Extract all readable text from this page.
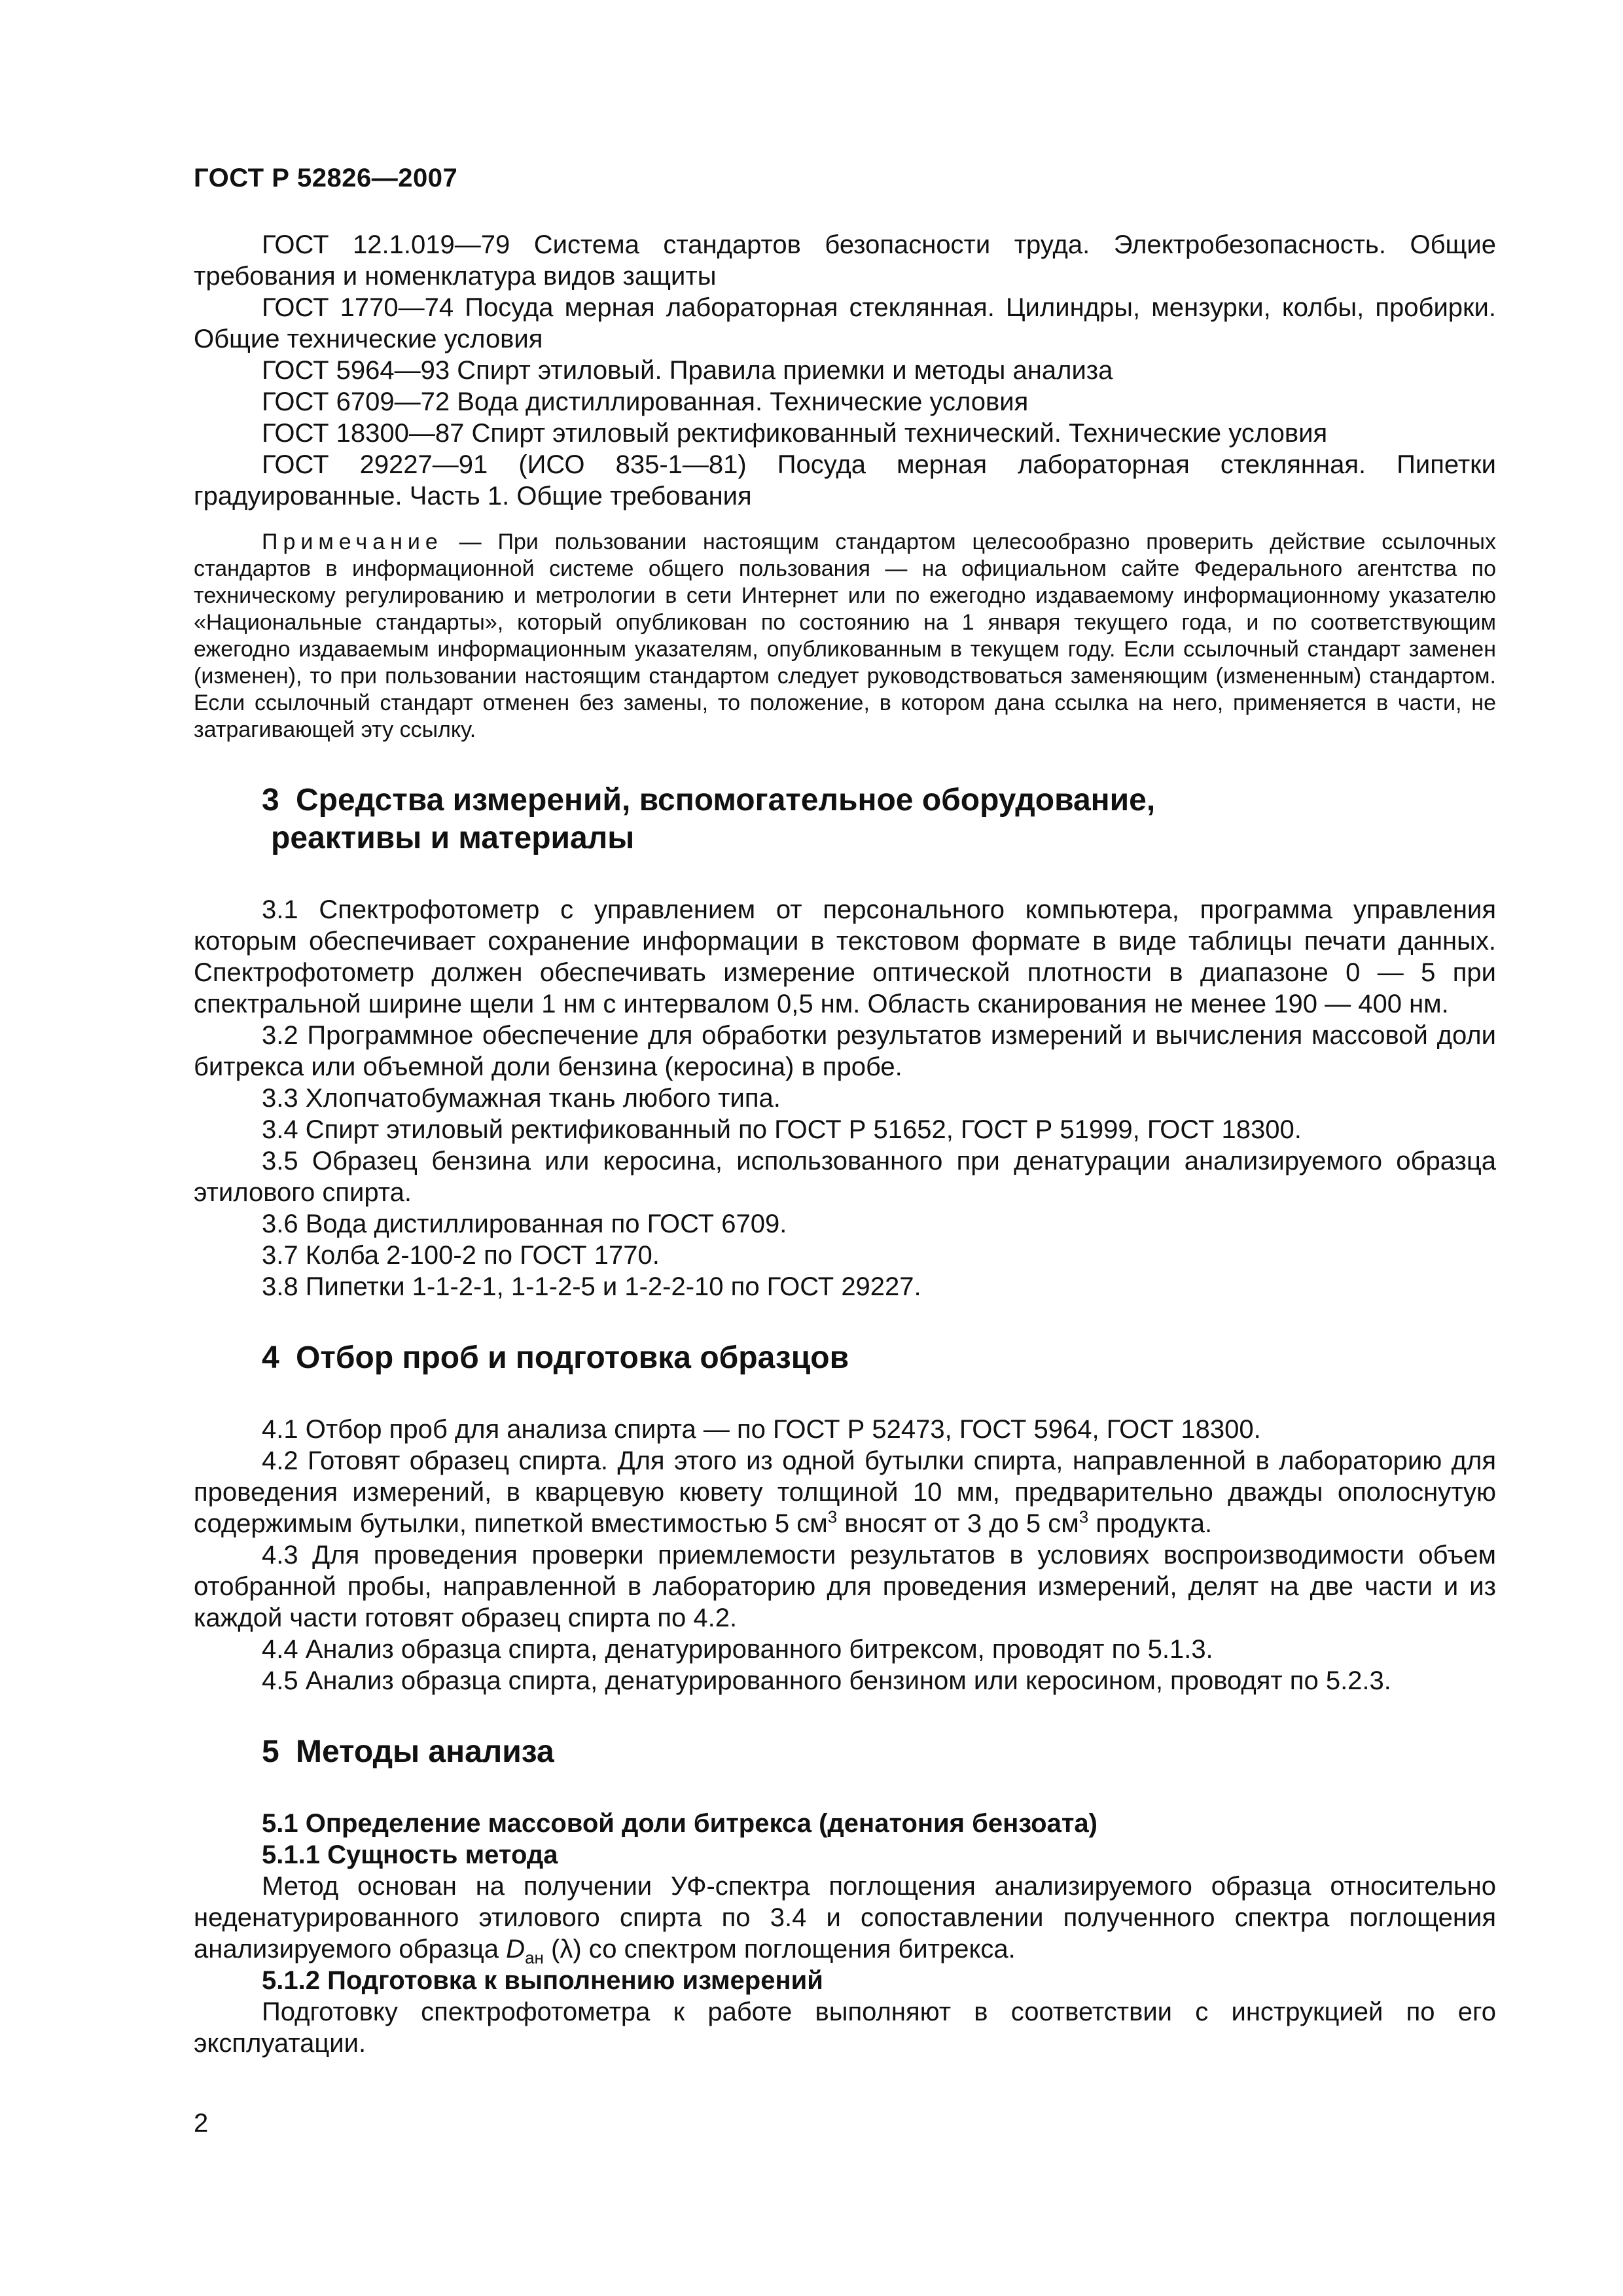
ГОСТ Р 52826—2007

ГОСТ 12.1.019—79 Система стандартов безопасности труда. Электробезопасность. Общие требования и номенклатура видов защиты

ГОСТ 1770—74 Посуда мерная лабораторная стеклянная. Цилиндры, мензурки, колбы, пробирки. Общие технические условия

ГОСТ 5964—93 Спирт этиловый. Правила приемки и методы анализа

ГОСТ 6709—72 Вода дистиллированная. Технические условия

ГОСТ 18300—87 Спирт этиловый ректификованный технический. Технические условия

ГОСТ 29227—91 (ИСО 835-1—81) Посуда мерная лабораторная стеклянная. Пипетки градуированные. Часть 1. Общие требования

Примечание — При пользовании настоящим стандартом целесообразно проверить действие ссылочных стандартов в информационной системе общего пользования — на официальном сайте Федерального агентства по техническому регулированию и метрологии в сети Интернет или по ежегодно издаваемому информационному указателю «Национальные стандарты», который опубликован по состоянию на 1 января текущего года, и по соответствующим ежегодно издаваемым информационным указателям, опубликованным в текущем году. Если ссылочный стандарт заменен (изменен), то при пользовании настоящим стандартом следует руководствоваться заменяющим (измененным) стандартом. Если ссылочный стандарт отменен без замены, то положение, в котором дана ссылка на него, применяется в части, не затрагивающей эту ссылку.
3 Средства измерений, вспомогательное оборудование,
реактивы и материалы

3.1 Спектрофотометр с управлением от персонального компьютера, программа управления которым обеспечивает сохранение информации в текстовом формате в виде таблицы печати данных. Спектрофотометр должен обеспечивать измерение оптической плотности в диапазоне 0 — 5 при спектральной ширине щели 1 нм с интервалом 0,5 нм. Область сканирования не менее 190 — 400 нм.

3.2 Программное обеспечение для обработки результатов измерений и вычисления массовой доли битрекса или объемной доли бензина (керосина) в пробе.

3.3 Хлопчатобумажная ткань любого типа.

3.4 Спирт этиловый ректификованный по ГОСТ Р 51652, ГОСТ Р 51999, ГОСТ 18300.

3.5 Образец бензина или керосина, использованного при денатурации анализируемого образца этилового спирта.

3.6 Вода дистиллированная по ГОСТ 6709.

3.7 Колба 2-100-2 по ГОСТ 1770.

3.8 Пипетки 1-1-2-1, 1-1-2-5 и 1-2-2-10 по ГОСТ 29227.

4 Отбор проб и подготовка образцов

4.1 Отбор проб для анализа спирта — по ГОСТ Р 52473, ГОСТ 5964, ГОСТ 18300.

4.2 Готовят образец спирта. Для этого из одной бутылки спирта, направленной в лабораторию для проведения измерений, в кварцевую кювету толщиной 10 мм, предварительно дважды ополоснутую содержимым бутылки, пипеткой вместимостью 5 $см^3$ вносят от 3 до 5 $см^3$ продукта.

4.3 Для проведения проверки приемлемости результатов в условиях воспроизводимости объем отобранной пробы, направленной в лабораторию для проведения измерений, делят на две части и из каждой части готовят образец спирта по 4.2.

4.4 Анализ образца спирта, денатурированного битрексом, проводят по 5.1.3.

4.5 Анализ образца спирта, денатурированного бензином или керосином, проводят по 5.2.3.

5 Методы анализа

5.1 Определение массовой доли битрекса (денатония бензоата)

5.1.1 Сущность метода

Метод основан на получении УФ-спектра поглощения анализируемого образца относительно неденатурированного этилового спирта по 3.4 и сопоставлении полученного спектра поглощения анализируемого образца $D_{ан}$ (λ) со спектром поглощения битрекса.

5.1.2 Подготовка к выполнению измерений

Подготовку спектрофотометра к работе выполняют в соответствии с инструкцией по его эксплуатации.

2
